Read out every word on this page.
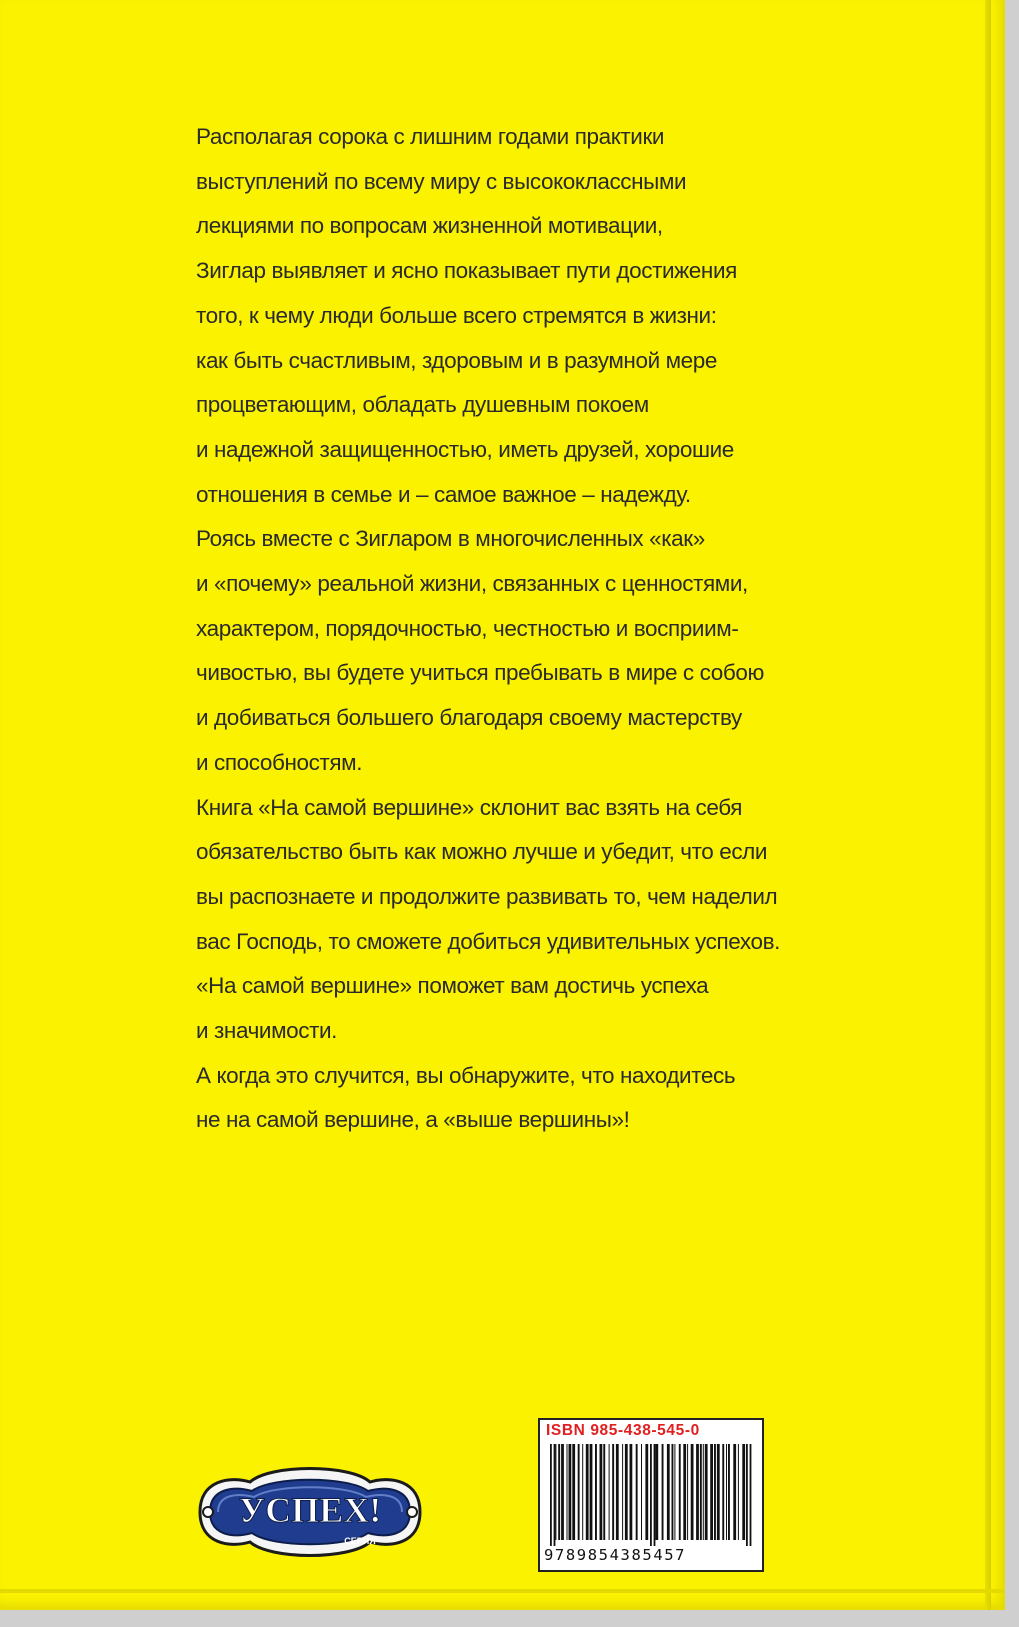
Располагая сорока с лишним годами практики
выступлений по всему миру с высококлассными
лекциями по вопросам жизненной мотивации,
Зиглар выявляет и ясно показывает пути достижения
того, к чему люди больше всего стремятся в жизни:
как быть счастливым, здоровым и в разумной мере
процветающим, обладать душевным покоем
и надежной защищенностью, иметь друзей, хорошие
отношения в семье и – самое важное – надежду.
Роясь вместе с Зигларом в многочисленных «как»
и «почему» реальной жизни, связанных с ценностями,
характером, порядочностью, честностью и восприим-
чивостью, вы будете учиться пребывать в мире с собою
и добиваться большего благодаря своему мастерству
и способностям.
Книга «На самой вершине» склонит вас взять на себя
обязательство быть как можно лучше и убедит, что если
вы распознаете и продолжите развивать то, чем наделил
вас Господь, то сможете добиться удивительных успехов.
«На самой вершине» поможет вам достичь успеха
и значимости.
А когда это случится, вы обнаружите, что находитесь
не на самой вершине, а «выше вершины»!
УСПЕХ!
СЕРИЯ
ISBN 985-438-545-0
9789854385457
